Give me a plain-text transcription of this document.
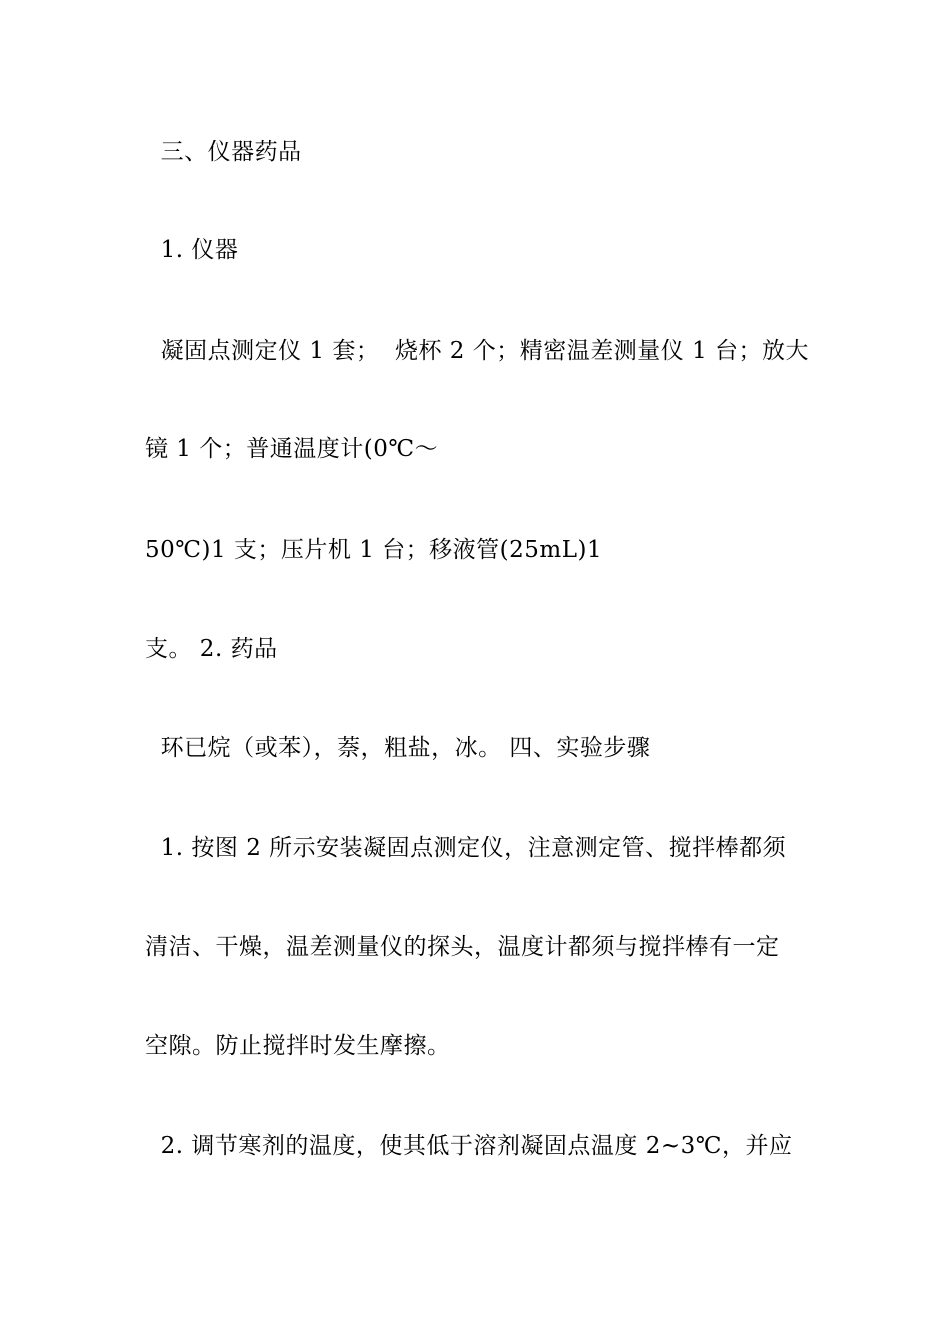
三、仪器药品
1. 仪器
凝固点测定仪 1 套；  烧杯 2 个；精密温差测量仪 1 台；放大
镜 1 个；普通温度计(0℃～
50℃)1 支；压片机 1 台；移液管(25mL)1
支。 2. 药品
环已烷（或苯），萘，粗盐，冰。 四、实验步骤
1. 按图 2 所示安装凝固点测定仪，注意测定管、搅拌棒都须
清洁、干燥，温差测量仪的探头，温度计都须与搅拌棒有一定
空隙。防止搅拌时发生摩擦。
2. 调节寒剂的温度，使其低于溶剂凝固点温度 2~3℃，并应
